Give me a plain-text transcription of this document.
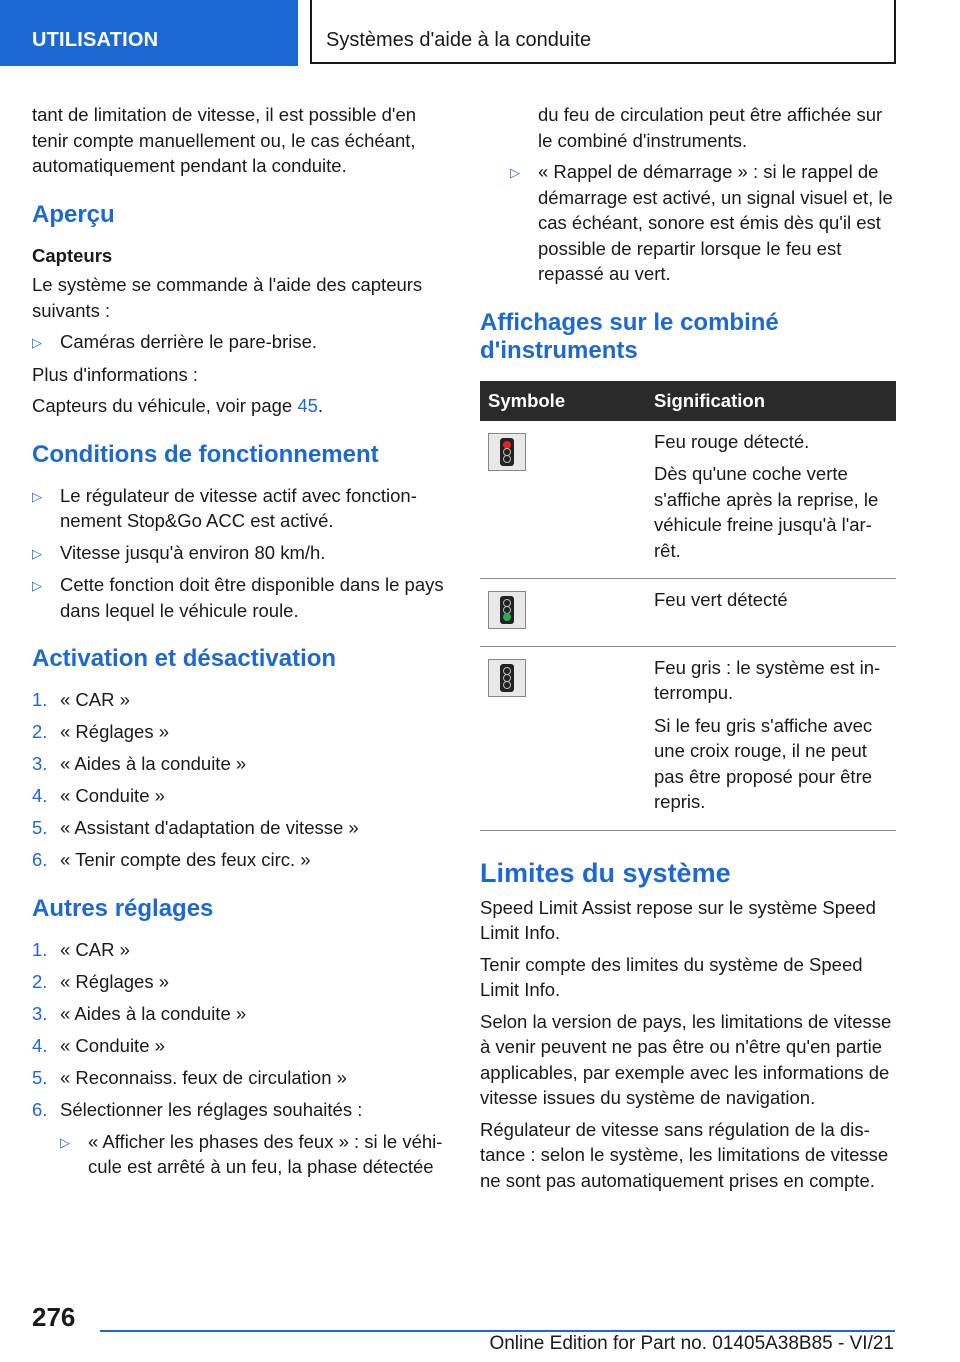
UTILISATION	Systèmes d'aide à la conduite

tant de limitation de vitesse, il est possible d'en tenir compte manuellement ou, le cas échéant, automatiquement pendant la conduite.

Aperçu
Capteurs

Le système se commande à l'aide des capteurs suivants :

▷ Caméras derrière le pare-brise.

Plus d'informations :

Capteurs du véhicule, voir page 45.

Conditions de fonctionnement
▷ Le régulateur de vitesse actif avec fonctionnement Stop&Go ACC est activé.
▷ Vitesse jusqu'à environ 80 km/h.
▷ Cette fonction doit être disponible dans le pays dans lequel le véhicule roule.
Activation et désactivation
1. « CAR »
2. « Réglages »
3. « Aides à la conduite »
4. « Conduite »
5. « Assistant d'adaptation de vitesse »
6. « Tenir compte des feux circ. »
Autres réglages
1. « CAR »
2. « Réglages »
3. « Aides à la conduite »
4. « Conduite »
5. « Reconnaiss. feux de circulation »
6. Sélectionner les réglages souhaités :
▷ « Afficher les phases des feux » : si le véhicule est arrêté à un feu, la phase détectée

du feu de circulation peut être affichée sur le combiné d'instruments.

▷ « Rappel de démarrage » : si le rappel de démarrage est activé, un signal visuel et, le cas échéant, sonore est émis dès qu'il est possible de repartir lorsque le feu est repassé au vert.
Affichages sur le combiné d'instruments
Symbole	Signification

	Feu rouge détecté.

Dès qu'une coche verte s'affiche après la reprise, le véhicule freine jusqu'à l'arrêt.

	Feu vert détecté

	Feu gris : le système est interrompu.

Si le feu gris s'affiche avec une croix rouge, il ne peut pas être proposé pour être repris.

Limites du système

Speed Limit Assist repose sur le système Speed Limit Info.

Tenir compte des limites du système de Speed Limit Info.

Selon la version de pays, les limitations de vitesse à venir peuvent ne pas être ou n'être qu'en partie applicables, par exemple avec les informations de vitesse issues du système de navigation.

Régulateur de vitesse sans régulation de la distance : selon le système, les limitations de vitesse ne sont pas automatiquement prises en compte.

276
Online Edition for Part no. 01405A38B85 - VI/21
